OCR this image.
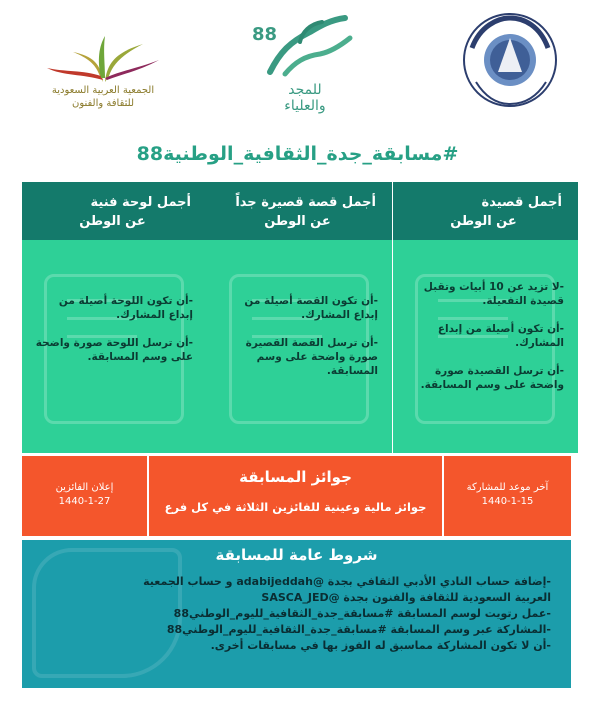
الجمعية العربية السعودية
للثقافة والفنون
88
للمجد
والعلياء
#مسابقة_جدة_الثقافية_الوطنية88
أجمل لوحة فنية
عن الوطن
-أن تكون اللوحة أصيلة من إبداع المشارك.
-أن ترسل اللوحة صورة واضحة على وسم المسابقة.
أجمل قصة قصيرة جداً
عن الوطن
-أن تكون القصة أصيلة من إبداع المشارك.
-أن ترسل القصة القصيرة صورة واضحة على وسم المسابقة.
أجمل قصيدة
عن الوطن
-لا تزيد عن 10 أبيات وتقبل قصيدة التفعيلة.
-أن تكون أصيلة من إبداع المشارك.
-أن ترسل القصيدة صورة واضحة على وسم المسابقة.
إعلان الفائزين
1440-1-27
جوائز المسابقة
جوائز مالية وعينية للفائزين الثلاثة في كل فرع
آخر موعد للمشاركة
1440-1-15
شروط عامة للمسابقة
-إضافة حساب النادي الأدبي الثقافي بجدة @adabijeddah و حساب الجمعية
العربية السعودية للثقافة والفنون بجدة @SASCA_JED
-عمل رتويت لوسم المسابقة #مسابقة_جدة_الثقافية_لليوم_الوطني88
-المشاركة عبر وسم المسابقة #مسابقة_جدة_الثقافية_لليوم_الوطني88
-أن لا تكون المشاركة مماسبق له الفوز بها في مسابقات أخرى.
